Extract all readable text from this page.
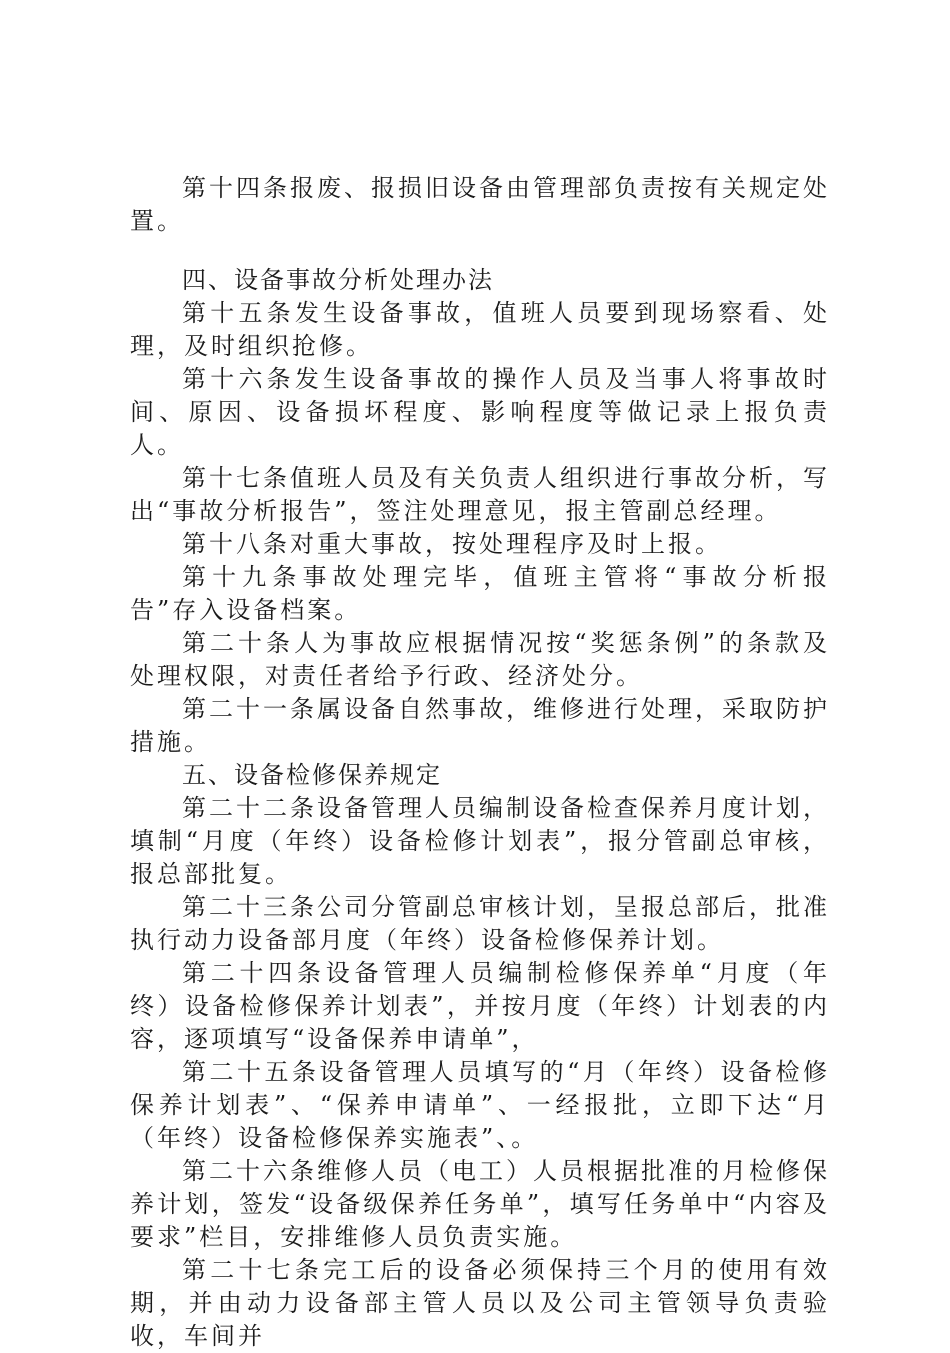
第十四条报废、报损旧设备由管理部负责按有关规定处置。

四、设备事故分析处理办法

第十五条发生设备事故，值班人员要到现场察看、处理，及时组织抢修。

第十六条发生设备事故的操作人员及当事人将事故时间、原因、设备损坏程度、影响程度等做记录上报负责人。

第十七条值班人员及有关负责人组织进行事故分析，写出“事故分析报告”，签注处理意见，报主管副总经理。

第十八条对重大事故，按处理程序及时上报。

第十九条事故处理完毕，值班主管将“事故分析报告”存入设备档案。

第二十条人为事故应根据情况按“奖惩条例”的条款及处理权限，对责任者给予行政、经济处分。

第二十一条属设备自然事故，维修进行处理，采取防护措施。

五、设备检修保养规定

第二十二条设备管理人员编制设备检查保养月度计划，填制“月度（年终）设备检修计划表”，报分管副总审核，报总部批复。

第二十三条公司分管副总审核计划，呈报总部后，批准执行动力设备部月度（年终）设备检修保养计划。

第二十四条设备管理人员编制检修保养单“月度（年终）设备检修保养计划表”，并按月度（年终）计划表的内容，逐项填写“设备保养申请单”，

第二十五条设备管理人员填写的“月（年终）设备检修保养计划表”、“保养申请单”、一经报批，立即下达“月（年终）设备检修保养实施表”、。

第二十六条维修人员（电工）人员根据批准的月检修保养计划，签发“设备级保养任务单”，填写任务单中“内容及要求”栏目，安排维修人员负责实施。

第二十七条完工后的设备必须保持三个月的使用有效期，并由动力设备部主管人员以及公司主管领导负责验收，车间并
